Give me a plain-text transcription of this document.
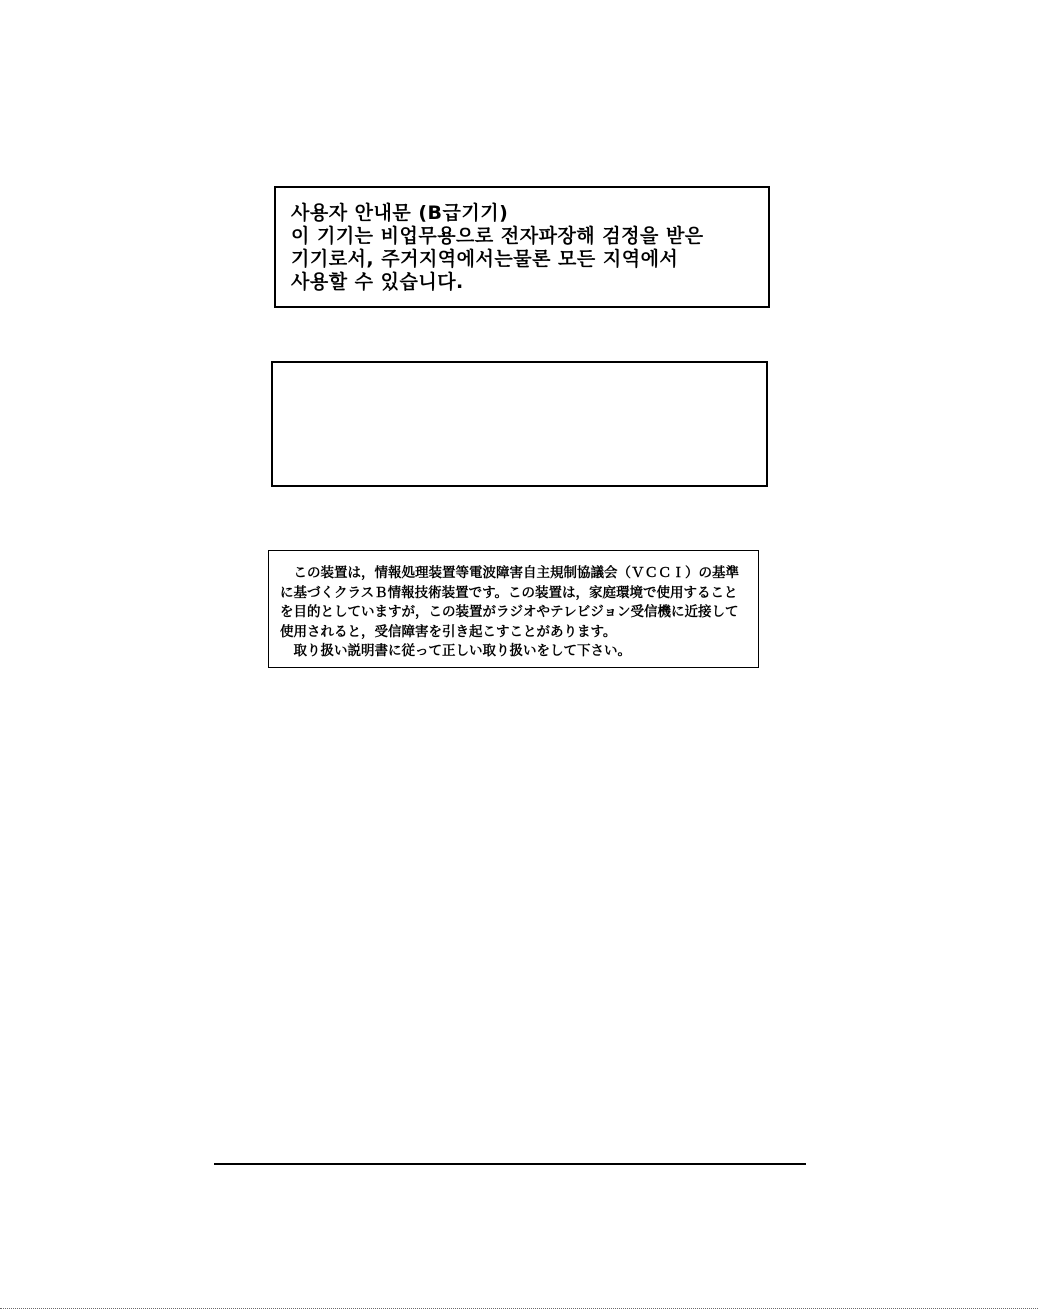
사용자 안내문 (B급기기)
이 기기는 비업무용으로 전자파장해 검정을 받은
기기로서, 주거지역에서는물론 모든 지역에서
사용할 수 있습니다.
　この装置は，情報処理装置等電波障害自主規制協議会（ＶＣＣＩ）の基準
に基づくクラスＢ情報技術装置です。この装置は，家庭環境で使用すること
を目的としていますが，この装置がラジオやテレビジョン受信機に近接して
使用されると，受信障害を引き起こすことがあります。
　取り扱い説明書に従って正しい取り扱いをして下さい。
